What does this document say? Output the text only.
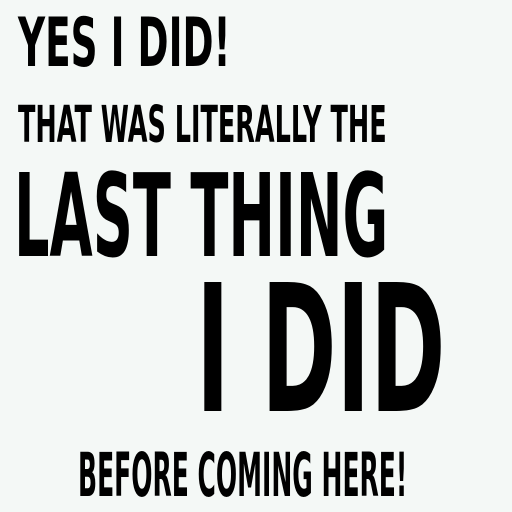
YES I DID!

THAT WAS LITERALLY THE

LAST THING

I DID

BEFORE COMING HERE!
